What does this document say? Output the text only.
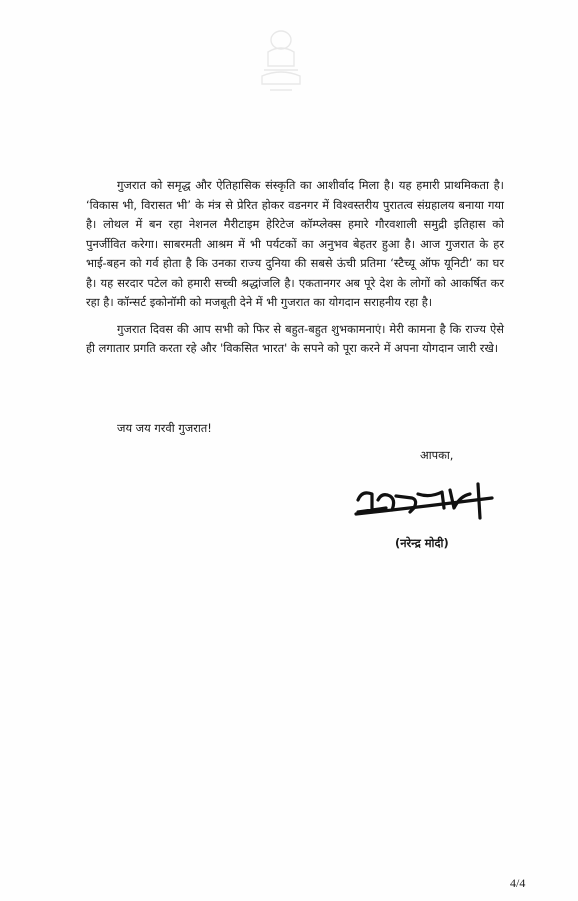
गुजरात को समृद्ध और ऐतिहासिक संस्कृति का आशीर्वाद मिला है। यह हमारी प्राथमिकता है। ‘विकास भी, विरासत भी’ के मंत्र से प्रेरित होकर वडनगर में विश्वस्तरीय पुरातत्व संग्रहालय बनाया गया है। लोथल में बन रहा नेशनल मैरीटाइम हेरिटेज कॉम्प्लेक्स हमारे गौरवशाली समुद्री इतिहास को पुनर्जीवित करेगा। साबरमती आश्रम में भी पर्यटकों का अनुभव बेहतर हुआ है। आज गुजरात के हर भाई-बहन को गर्व होता है कि उनका राज्य दुनिया की सबसे ऊंची प्रतिमा ‘स्टैच्यू ऑफ यूनिटी’ का घर है। यह सरदार पटेल को हमारी सच्ची श्रद्धांजलि है। एकतानगर अब पूरे देश के लोगों को आकर्षित कर रहा है। कॉन्सर्ट इकोनॉमी को मजबूती देने में भी गुजरात का योगदान सराहनीय रहा है।

गुजरात दिवस की आप सभी को फिर से बहुत-बहुत शुभकामनाएं। मेरी कामना है कि राज्य ऐसे ही लगातार प्रगति करता रहे और 'विकसित भारत' के सपने को पूरा करने में अपना योगदान जारी रखे।

जय जय गरवी गुजरात!
आपका,
(नरेन्द्र मोदी)
4/4
